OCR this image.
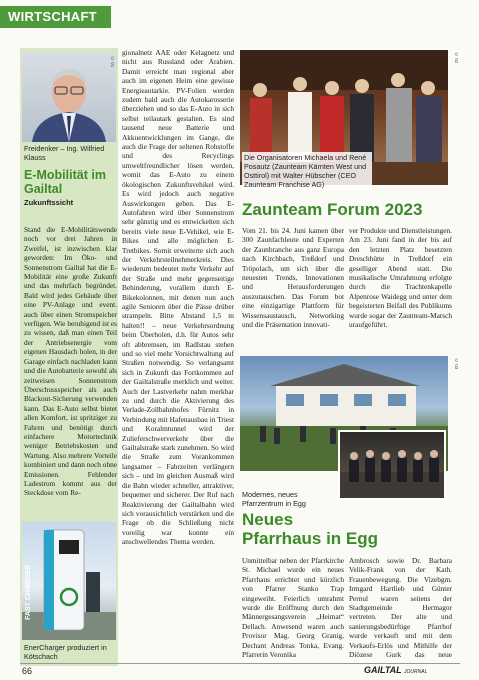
WIRTSCHAFT
© 01
Freidenker – Ing. Wilfried Klauss
E-Mobilität im Gailtal
Zukunftssicht

Stand die E-Mobilitätswende noch vor drei Jahren in Zweifel, ist inzwischen klar geworden: Im Öko- und Sonnenstrom Gailtal hat die E-Mobilität eine große Zukunft und das mehrfach begründet. Bald wird jedes Gebäude über eine PV-Anlage und event. auch über einen Stromspeicher verfügen. Wie beruhigend ist es zu wissen, daß man einen Teil der Antriebsenergie vom eigenen Hausdach holen, in der Garage einfach nachladen kann und die Autobatterie sowohl als zeitweisen Sonnenstrom Überschussspeicher als auch Blackout-Sicherung verwenden kann. Das E-Auto selbst bietet allen Komfort, ist spritziger zu Fahren und benötigt durch einfachere Motortechnik weniger Betriebskosten und Wartung. Also mehrere Vorteile kombiniert und dann noch ohne Emissionen. Fehlender Ladestrom kommt aus der Steckdose vom Re-

FAST CHARGER
EnerCharger produziert in Kötschach

gionalnetz AAE oder Kelagnetz und nicht aus Russland oder Arabien. Damit erreicht man regional aber auch im eigenen Heim eine gewisse Energieautarkie. PV-Folien werden zudem bald auch die Autokarosserie überziehen und so das E-Auto in sich selbst teilautark gestalten. Es sind tausend neue Batterie und Akkuentwicklungen im Gange, die auch die Frage der seltenen Rohstoffe und des Recyclings umweltfreundlicher lösen werden, womit das E-Auto zu einem ökologischen Zukunftsvehikel wird. Es wird jedoch auch negative Auswirkungen geben. Das E-Autofahren wird über Sonnenstrom sehr günstig und es entwickelten sich bereits viele neue E-Vehikel, wie E-Bikes und alle möglichen E-Tretbikes. Somit erweiterte sich auch der Verkehrsteilnehmerkreis. Dies wiederum bedeutet mehr Verkehr auf der Straße und mehr gegenseitige Behinderung, vorallem durch E-Bikekolonnen, mit denen nun auch agile Senioren über die Pässe drüber strampeln. Bitte Abstand 1,5 m halten!! – neue Verkehrsordnung beim Überholen, d.h. für Autos sehr oft abbremsen, im Radlstau stehen und so viel mehr Vorsichtwaltung auf Straßen notwendig. So verlangsamt sich in Zukunft das Fortkommen auf der Gailtalstraße merklich und weiter. Auch der Lastverkehr nahm merkbar zu und durch die Aktivierung des Verlade-Zollbahnhofes Fürnitz in Verbindung mit Hafenausbau in Triest und Koralmtunnel wird der Zulieferschwerverkehr über die Gailtalstraße stark zunehmen. So wird die Straße zum Vorankommen langsamer – Fahrzeiten verlängern sich – und im gleichen Ausmaß wird die Bahn wieder schneller, attraktiver, bequemer und sicherer. Der Ruf nach Reaktivierung der Gailtalbahn wird sich vorausichtlich verstärken und die Frage ob die Schließung nicht voreilig war konnte ein anschwellendes Thema werden.

© 02
Die Organisatoren Michaela und René Posautz (Zaunteam Kärnten West und Osttirol) mit Walter Hübscher (CEO Zaunteam Franchise AG)
Zaunteam Forum 2023

Vom 21. bis 24. Juni kamen über 300 Zaunfachleute und Experten der Zaunbranche aus ganz Europa nach Kirchbach, Treßdorf und Tröpolach, um sich über die neuesten Trends, Innovationen und Herausforderungen auszutauschen. Das Forum bot eine einzigartige Plattform für Wissensaustausch, Networking und die Präsentation innovati-

ver Produkte und Dienstleistungen. Am 23. Juni fand in der bis auf den letzten Platz besetzten Dreschhütte in Treßdorf ein geselliger Abend statt. Die musikalische Umrahmung erfolgte durch die Trachtenkapelle Alpenrose Waidegg und unter dem begeisterten Beifall des Publikums wurde sogar der Zaunteam-Marsch uraufgeführt.

© 03
Modernes, neues Pfarrzentrum in Egg
Neues
Pfarrhaus in Egg

Unmittelbar neben der Pfarrkirche St. Michael wurde ein neues Pfarrhaus errichtet und kürzlich von Pfarrer Stanko Trap eingeweiht. Feierlich umrahmt wurde die Eröffnung durch den Männergesangsverein „Heimat“ Dellach. Anwesend waren auch Provisor Mag. Georg Granig, Dechant Andreas Tonka, Evang. Pfarrerin Veronika

Ambrosch sowie Dr. Barbara Velik-Frank von der Kath. Frauenbewegung. Die Vizebgm. Irmgard Hartlieb und Günter Pernul waren seitens der Stadtgemeinde Hermagor vertreten. Der alte und sanierungsbedürftige Pfarrhof wurde verkauft und mit dem Verkaufs-Erlös und Mithilfe der Diözese Gurk das neue

66	GAILTAL JOURNAL
